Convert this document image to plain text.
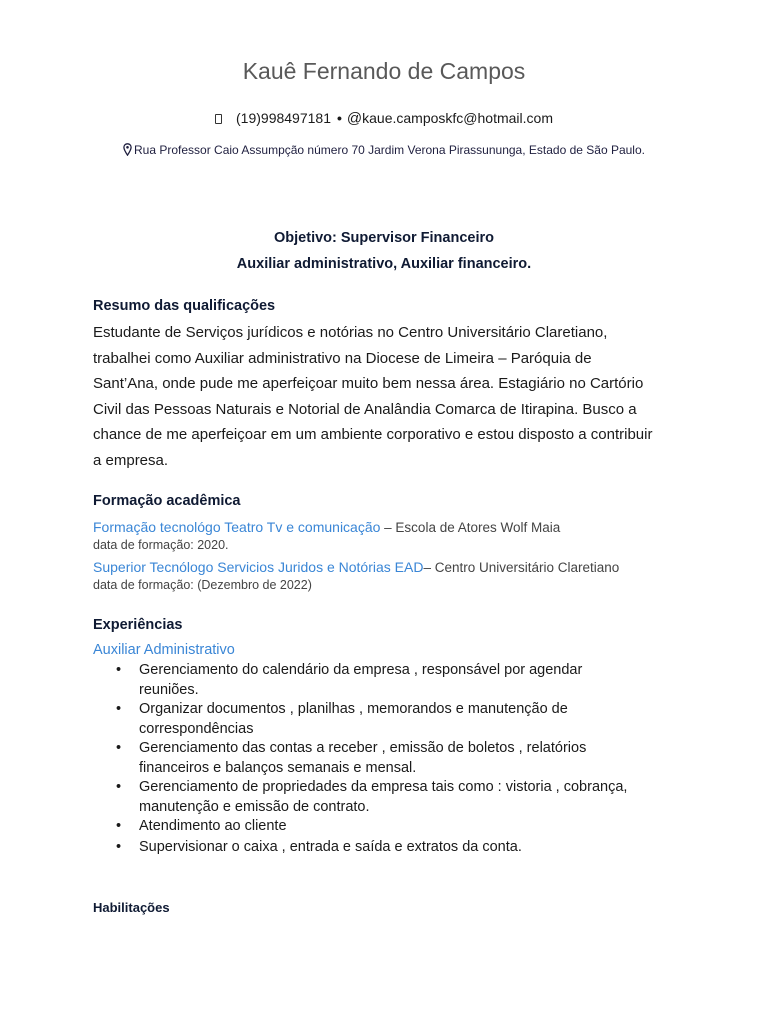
Kauê Fernando de Campos
(19)998497181 • @kaue.camposkfc@hotmail.com
Rua Professor Caio Assumpção número 70 Jardim Verona Pirassununga, Estado de São Paulo.
Objetivo: Supervisor Financeiro
Auxiliar administrativo, Auxiliar financeiro.
Resumo das qualificações
Estudante de Serviços jurídicos e notórias no Centro Universitário Claretiano,
trabalhei como Auxiliar administrativo na Diocese de Limeira – Paróquia de
Sant’Ana, onde pude me aperfeiçoar muito bem nessa área. Estagiário no Cartório
Civil das Pessoas Naturais e Notorial de Analândia Comarca de Itirapina. Busco a
chance de me aperfeiçoar em um ambiente corporativo e estou disposto a contribuir
a empresa.
Formação acadêmica
Formação tecnológo Teatro Tv e comunicação – Escola de Atores Wolf Maia
data de formação: 2020.
Superior Tecnólogo Servicios Juridos e Notórias EAD– Centro Universitário Claretiano
data de formação: (Dezembro de 2022)
Experiências
Auxiliar Administrativo
• Gerenciamento do calendário da empresa , responsável por agendar
reuniões.
• Organizar documentos , planilhas , memorandos e manutenção de
correspondências
• Gerenciamento das contas a receber , emissão de boletos , relatórios
financeiros e balanços semanais e mensal.
• Gerenciamento de propriedades da empresa tais como : vistoria , cobrança,
manutenção e emissão de contrato.
• Atendimento ao cliente
• Supervisionar o caixa , entrada e saída e extratos da conta.
Habilitações
